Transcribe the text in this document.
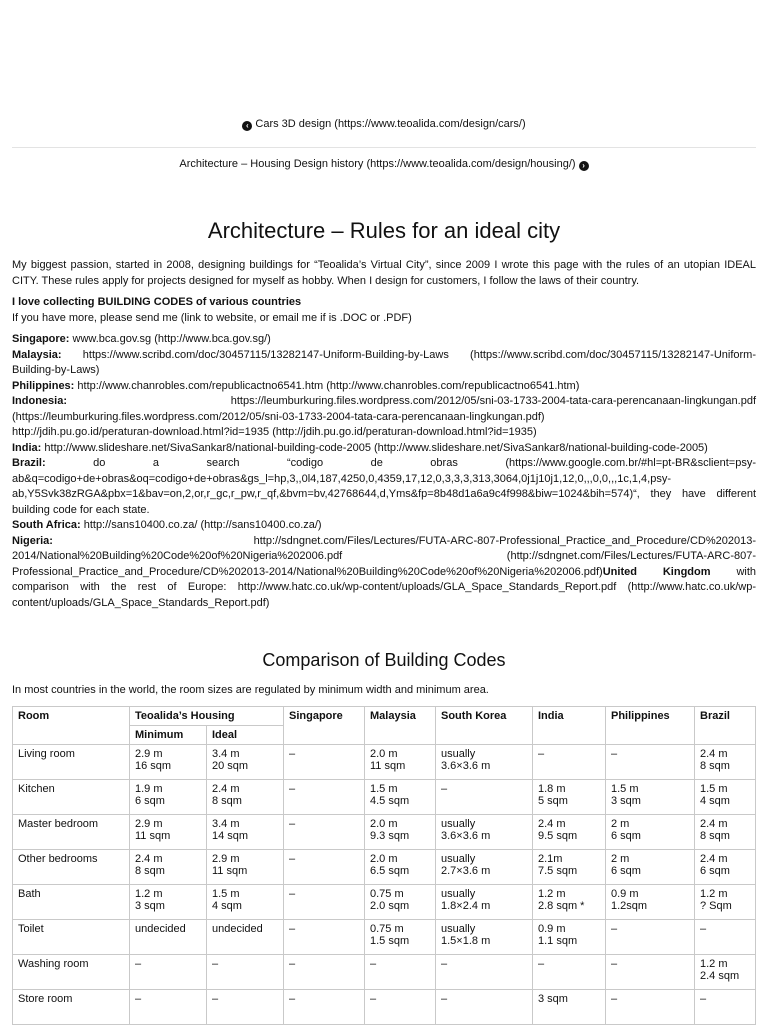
‹ Cars 3D design (https://www.teoalida.com/design/cars/)
Architecture – Housing Design history (https://www.teoalida.com/design/housing/) ›
Architecture – Rules for an ideal city

My biggest passion, started in 2008, designing buildings for “Teoalida’s Virtual City”, since 2009 I wrote this page with the rules of an utopian IDEAL CITY. These rules apply for projects designed for myself as hobby. When I design for customers, I follow the laws of their country.

I love collecting BUILDING CODES of various countries

If you have more, please send me (link to website, or email me if is .DOC or .PDF)

Singapore: www.bca.gov.sg (http://www.bca.gov.sg/)

Malaysia: https://www.scribd.com/doc/30457115/13282147-Uniform-Building-by-Laws (https://www.scribd.com/doc/30457115/13282147-Uniform-Building-by-Laws)

Philippines: http://www.chanrobles.com/republicactno6541.htm (http://www.chanrobles.com/republicactno6541.htm)

Indonesia: https://leumburkuring.files.wordpress.com/2012/05/sni-03-1733-2004-tata-cara-perencanaan-lingkungan.pdf (https://leumburkuring.files.wordpress.com/2012/05/sni-03-1733-2004-tata-cara-perencanaan-lingkungan.pdf)

http://jdih.pu.go.id/peraturan-download.html?id=1935 (http://jdih.pu.go.id/peraturan-download.html?id=1935)

India: http://www.slideshare.net/SivaSankar8/national-building-code-2005 (http://www.slideshare.net/SivaSankar8/national-building-code-2005)

Brazil: do a search “codigo de obras (https://www.google.com.br/#hl=pt-BR&sclient=psy-ab&q=codigo+de+obras&oq=codigo+de+obras&gs_l=hp,3,,0l4,187,4250,0,4359,17,12,0,3,3,3,313,3064,0j1j10j1,12,0,,,0,0,,,1c,1,4,psy-ab,Y5Svk38zRGA&pbx=1&bav=on,2,or,r_gc,r_pw,r_qf,&bvm=bv,42768644,d,Yms&fp=8b48d1a6a9c4f998&biw=1024&bih=574)“, they have different building code for each state.

South Africa: http://sans10400.co.za/ (http://sans10400.co.za/)

Nigeria: http://sdngnet.com/Files/Lectures/FUTA-ARC-807-Professional_Practice_and_Procedure/CD%202013-2014/National%20Building%20Code%20of%20Nigeria%202006.pdf (http://sdngnet.com/Files/Lectures/FUTA-ARC-807-Professional_Practice_and_Procedure/CD%202013-2014/National%20Building%20Code%20of%20Nigeria%202006.pdf)United Kingdom with comparison with the rest of Europe: http://www.hatc.co.uk/wp-content/uploads/GLA_Space_Standards_Report.pdf (http://www.hatc.co.uk/wp-content/uploads/GLA_Space_Standards_Report.pdf)

Comparison of Building Codes
In most countries in the world, the room sizes are regulated by minimum width and minimum area.
Room	Teoalida’s Housing		Singapore	Malaysia	South Korea	India	Philippines	Brazil
	Minimum	Ideal						
Living room	2.9 m
16 sqm	3.4 m
20 sqm	–	2.0 m
11 sqm	usually
3.6×3.6 m	–	–	2.4 m
8 sqm

Kitchen	1.9 m
6 sqm	2.4 m
8 sqm	–	1.5 m
4.5 sqm	–	1.8 m
5 sqm	1.5 m
3 sqm	1.5 m
4 sqm

Master bedroom	2.9 m
11 sqm	3.4 m
14 sqm	–	2.0 m
9.3 sqm	usually
3.6×3.6 m	2.4 m
9.5 sqm	2 m
6 sqm	2.4 m
8 sqm

Other bedrooms	2.4 m
8 sqm	2.9 m
11 sqm	–	2.0 m
6.5 sqm	usually
2.7×3.6 m	2.1m
7.5 sqm	2 m
6 sqm	2.4 m
6 sqm

Bath	1.2 m
3 sqm	1.5 m
4 sqm	–	0.75 m
2.0 sqm	usually
1.8×2.4 m	1.2 m
2.8 sqm *	0.9 m
1.2sqm	1.2 m
? Sqm

Toilet	undecided	undecided	–	0.75 m
1.5 sqm	usually
1.5×1.8 m	0.9 m
1.1 sqm	–	–

Washing room	–	–	–	–	–	–	–	1.2 m
2.4 sqm

Store room	–	–	–	–	–	3 sqm	–	–
